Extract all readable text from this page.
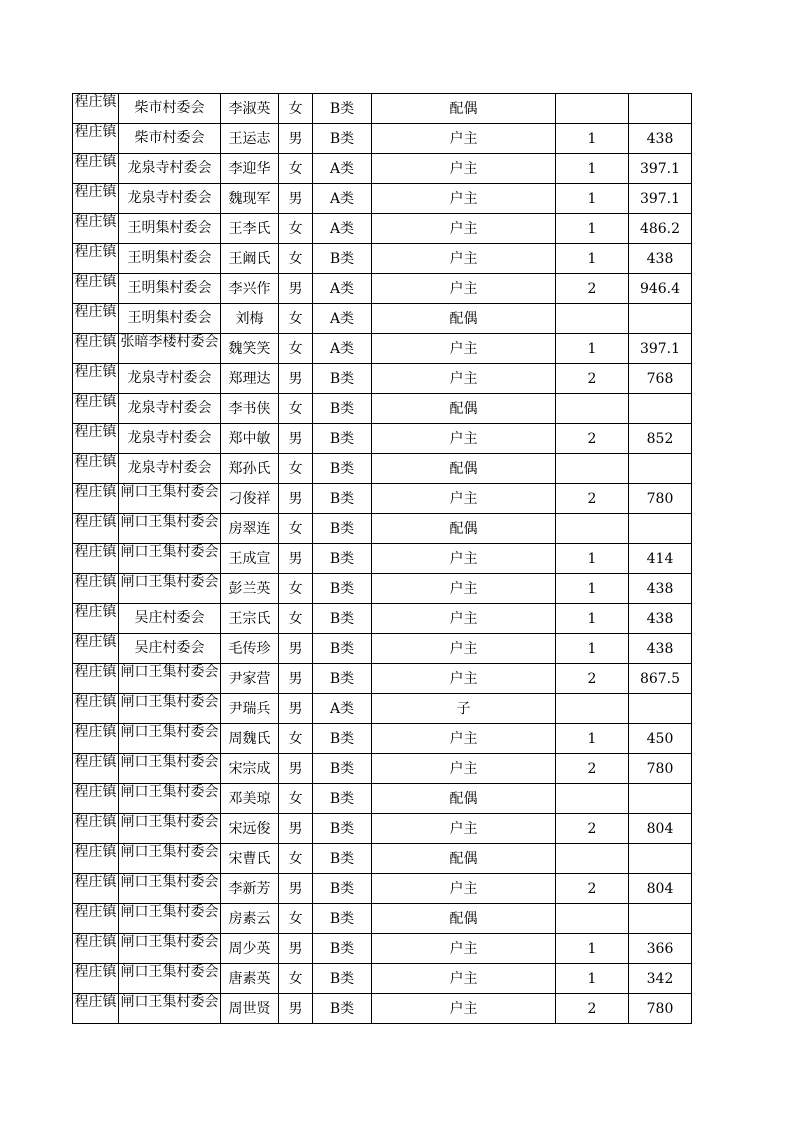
程庄镇	柴市村委会	李淑英	女	B类	配偶		

程庄镇	柴市村委会	王运志	男	B类	户主	1	438

程庄镇	龙泉寺村委会	李迎华	女	A类	户主	1	397.1

程庄镇	龙泉寺村委会	魏现军	男	A类	户主	1	397.1

程庄镇	王明集村委会	王李氏	女	A类	户主	1	486.2

程庄镇	王明集村委会	王阚氏	女	B类	户主	1	438

程庄镇	王明集村委会	李兴作	男	A类	户主	2	946.4

程庄镇	王明集村委会	刘梅	女	A类	配偶		

程庄镇	张暗李楼村委会	魏笑笑	女	A类	户主	1	397.1

程庄镇	龙泉寺村委会	郑理达	男	B类	户主	2	768

程庄镇	龙泉寺村委会	李书侠	女	B类	配偶		

程庄镇	龙泉寺村委会	郑中敏	男	B类	户主	2	852

程庄镇	龙泉寺村委会	郑孙氏	女	B类	配偶		

程庄镇	闸口王集村委会	刁俊祥	男	B类	户主	2	780

程庄镇	闸口王集村委会	房翠连	女	B类	配偶		

程庄镇	闸口王集村委会	王成宣	男	B类	户主	1	414

程庄镇	闸口王集村委会	彭兰英	女	B类	户主	1	438

程庄镇	吴庄村委会	王宗氏	女	B类	户主	1	438

程庄镇	吴庄村委会	毛传珍	男	B类	户主	1	438

程庄镇	闸口王集村委会	尹家营	男	B类	户主	2	867.5

程庄镇	闸口王集村委会	尹瑞兵	男	A类	子		

程庄镇	闸口王集村委会	周魏氏	女	B类	户主	1	450

程庄镇	闸口王集村委会	宋宗成	男	B类	户主	2	780

程庄镇	闸口王集村委会	邓美琼	女	B类	配偶		

程庄镇	闸口王集村委会	宋远俊	男	B类	户主	2	804

程庄镇	闸口王集村委会	宋曹氏	女	B类	配偶		

程庄镇	闸口王集村委会	李新芳	男	B类	户主	2	804

程庄镇	闸口王集村委会	房素云	女	B类	配偶		

程庄镇	闸口王集村委会	周少英	男	B类	户主	1	366

程庄镇	闸口王集村委会	唐素英	女	B类	户主	1	342

程庄镇	闸口王集村委会	周世贤	男	B类	户主	2	780
